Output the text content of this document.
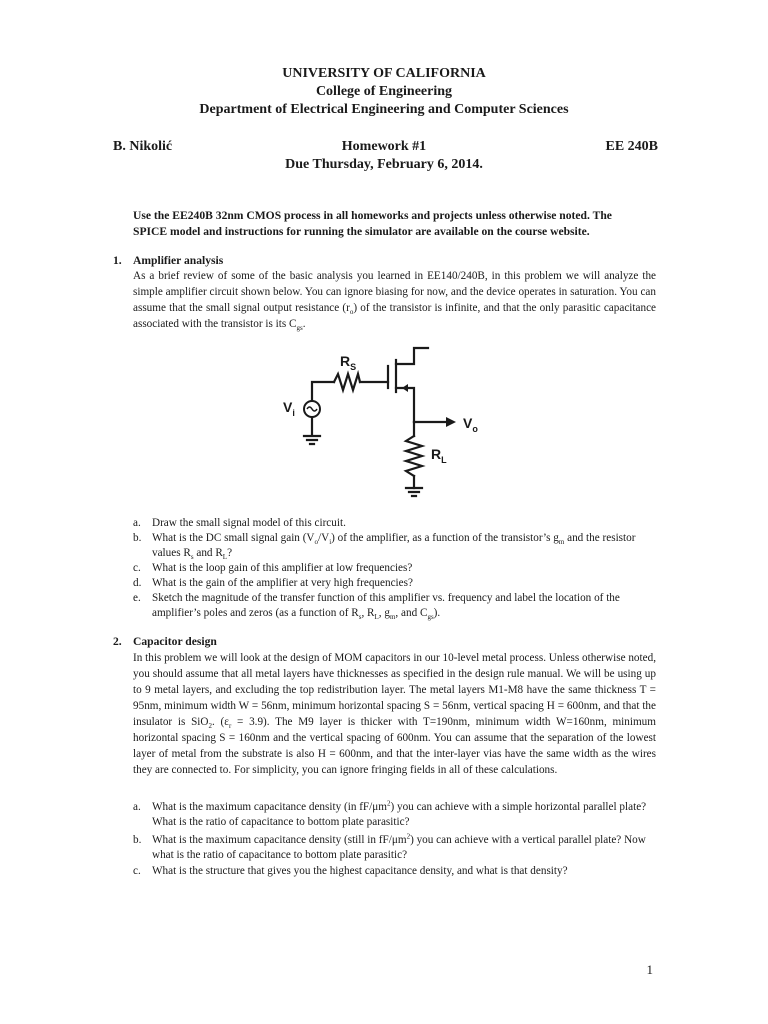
UNIVERSITY OF CALIFORNIA
College of Engineering
Department of Electrical Engineering and Computer Sciences
B. Nikolić	Homework #1	EE 240B
Due Thursday, February 6, 2014.
Use the EE240B 32nm CMOS process in all homeworks and projects unless otherwise noted. The SPICE model and instructions for running the simulator are available on the course website.
1. Amplifier analysis
As a brief review of some of the basic analysis you learned in EE140/240B, in this problem we will analyze the simple amplifier circuit shown below. You can ignore biasing for now, and the device operates in saturation. You can assume that the small signal output resistance $(r_o)$ of the transistor is infinite, and that the only parasitic capacitance associated with the transistor is its $C_{gs}$.
$R_S$
$V_i$
$V_o$
$R_L$
a. Draw the small signal model of this circuit.
b. What is the DC small signal gain $(V_o/V_i)$ of the amplifier, as a function of the transistor’s $g_m$ and the resistor values $R_s$ and $R_L$?
c. What is the loop gain of this amplifier at low frequencies?
d. What is the gain of the amplifier at very high frequencies?
e. Sketch the magnitude of the transfer function of this amplifier vs. frequency and label the location of the amplifier’s poles and zeros (as a function of $R_s$, $R_L$, $g_m$, and $C_{gs}$).
2. Capacitor design
In this problem we will look at the design of MOM capacitors in our 10-level metal process. Unless otherwise noted, you should assume that all metal layers have thicknesses as specified in the design rule manual. We will be using up to 9 metal layers, and excluding the top redistribution layer. The metal layers M1-M8 have the same thickness T = 95nm, minimum width W = 56nm, minimum horizontal spacing S = 56nm, vertical spacing H = 600nm, and that the insulator is SiO$_2$. $(\varepsilon_r = 3.9)$. The M9 layer is thicker with T=190nm, minimum width W=160nm, minimum horizontal spacing S = 160nm and the vertical spacing of 600nm. You can assume that the separation of the lowest layer of metal from the substrate is also H = 600nm, and that the inter-layer vias have the same width as the wires they are connected to. For simplicity, you can ignore fringing fields in all of these calculations.
a. What is the maximum capacitance density (in $fF/\mu m^2$) you can achieve with a simple horizontal parallel plate? What is the ratio of capacitance to bottom plate parasitic?
b. What is the maximum capacitance density (still in $fF/\mu m^2$) you can achieve with a vertical parallel plate? Now what is the ratio of capacitance to bottom plate parasitic?
c. What is the structure that gives you the highest capacitance density, and what is that density?
1
